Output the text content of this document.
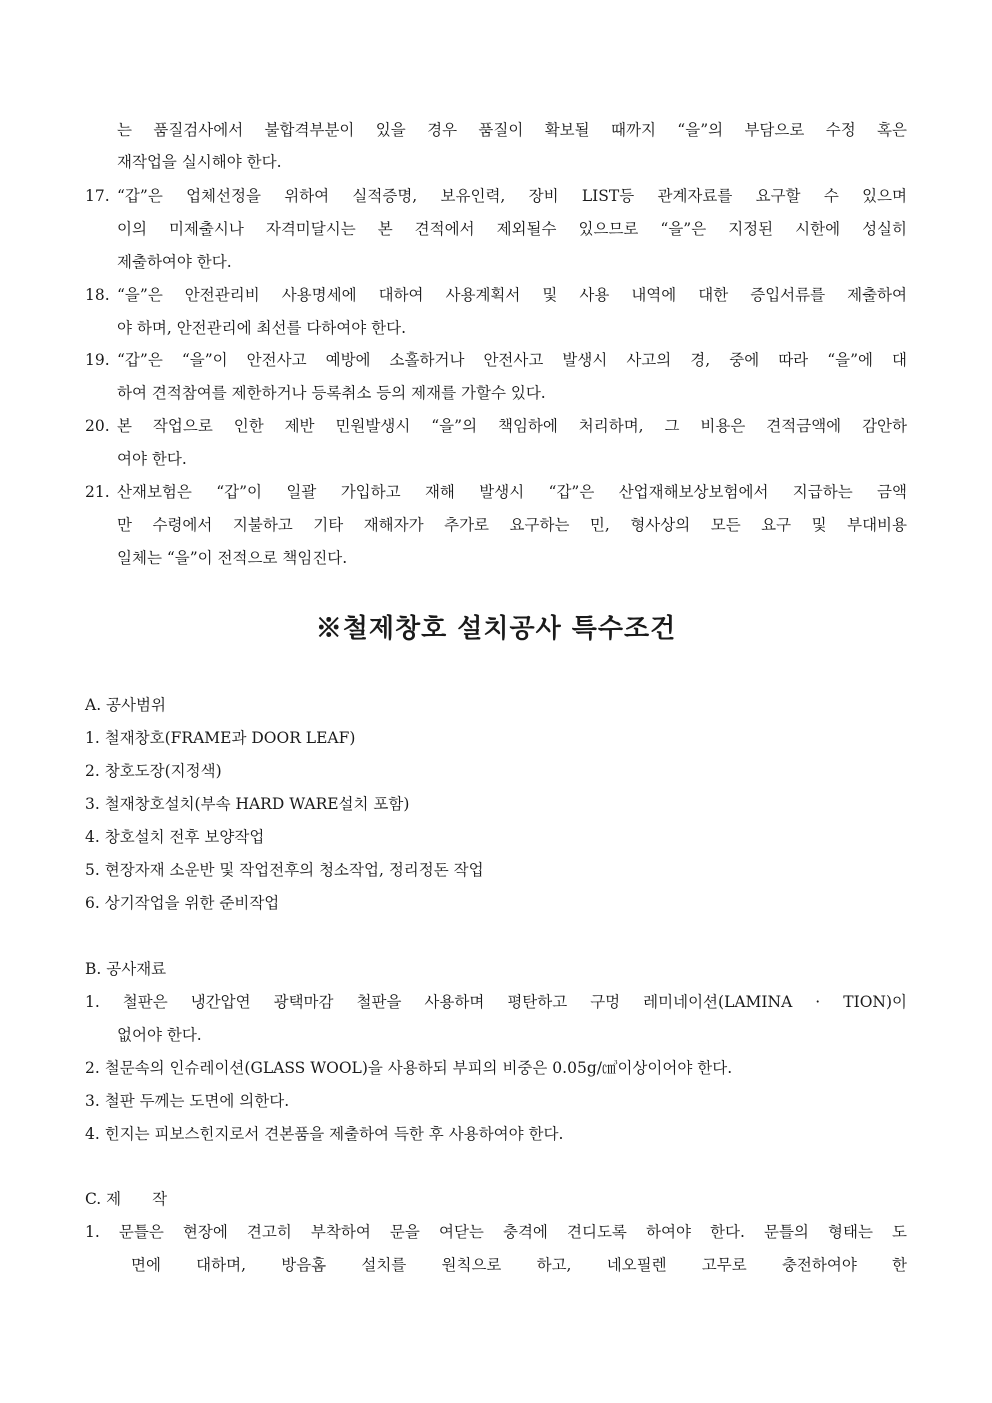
는 품질검사에서 불합격부분이 있을 경우 품질이 확보될 때까지 “을”의 부담으로 수정 혹은
재작업을 실시해야 한다.
17. “갑”은 업체선정을 위하여 실적증명, 보유인력, 장비 LIST등 관계자료를 요구할 수 있으며
이의 미제출시나 자격미달시는 본 견적에서 제외될수 있으므로 “을”은 지정된 시한에 성실히
제출하여야 한다.
18. “을”은 안전관리비 사용명세에 대하여 사용계획서 및 사용 내역에 대한 증입서류를 제출하여
야 하며, 안전관리에 최선를 다하여야 한다.
19. “갑”은 “을”이 안전사고 예방에 소홀하거나 안전사고 발생시 사고의 경, 중에 따라 “을”에 대
하여 견적참여를 제한하거나 등록취소 등의 제재를 가할수 있다.
20. 본 작업으로 인한 제반 민원발생시 “을”의 책임하에 처리하며, 그 비용은 견적금액에 감안하
여야 한다.
21. 산재보험은 “갑”이 일괄 가입하고 재해 발생시 “갑”은 산업재해보상보험에서 지급하는 금액
만 수령에서 지불하고 기타 재해자가 추가로 요구하는 민, 형사상의 모든 요구 및 부대비용
일체는 “을”이 전적으로 책임진다.
※철제창호 설치공사 특수조건
A. 공사범위
1. 철재창호(FRAME과 DOOR LEAF)
2. 창호도장(지정색)
3. 철재창호설치(부속 HARD WARE설치 포함)
4. 창호설치 전후 보양작업
5. 현장자재 소운반 및 작업전후의 청소작업, 정리정돈 작업
6. 상기작업을 위한 준비작업
B. 공사재료
1. 철판은 냉간압연 광택마감 철판을 사용하며 평탄하고 구멍 레미네이션(LAMINA · TION)이
없어야 한다.
2. 철문속의 인슈레이션(GLASS WOOL)을 사용하되 부피의 비중은 0.05g/㎤이상이어야 한다.
3. 철판 두께는 도면에 의한다.
4. 힌지는 피보스힌지로서 견본품을 제출하여 득한 후 사용하여야 한다.
C. 제　　작
1. 문틀은 현장에 견고히 부착하여 문을 여닫는 충격에 견디도록 하여야 한다. 문틀의 형태는 도
면에 대하며, 방음홈 설치를 원칙으로 하고, 네오필렌 고무로 충전하여야 한
